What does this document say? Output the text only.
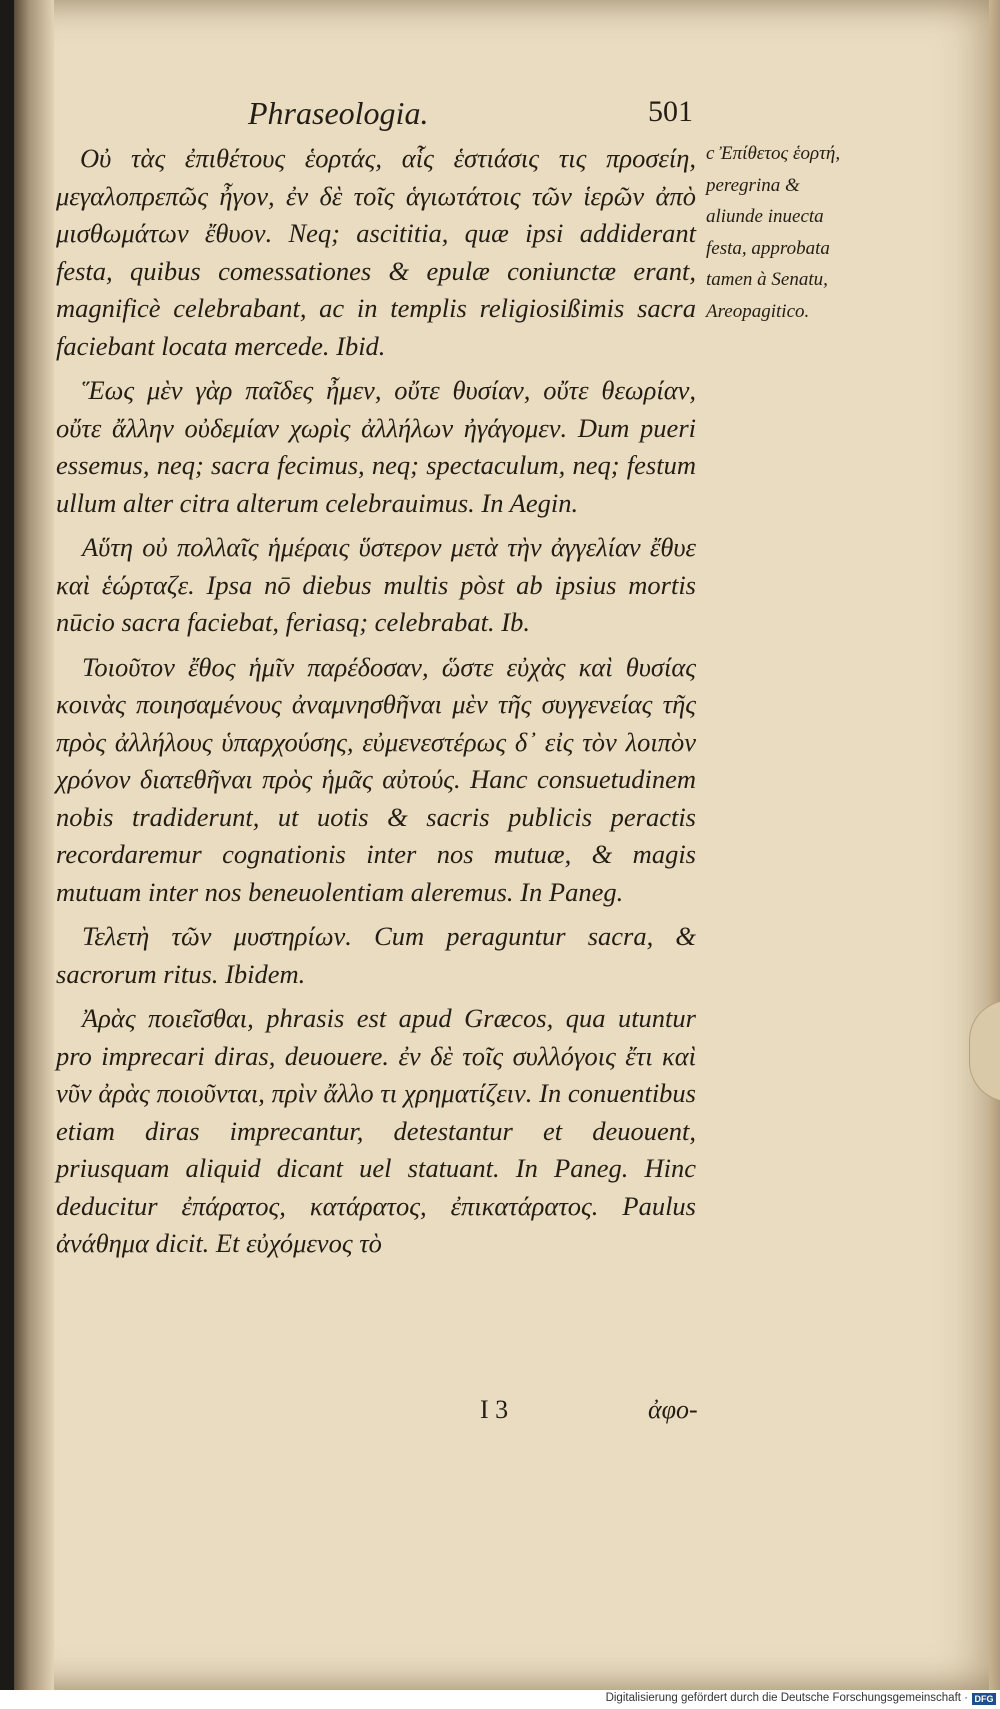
Phraseologia.	501

Οὐ τὰς ἐπιθέτους ἑορτάς, αἷς ἑστιάσις τις προσείη, μεγαλοπρεπῶς ἦγον, ἐν δὲ τοῖς ἁγιωτάτοις τῶν ἱερῶν ἀπὸ μισθωμάτων ἔθυον. Neq; ascititia, quæ ipsi addiderant festa, quibus comessationes & epulæ coniunctæ erant, magnificè celebrabant, ac in templis religiosißimis sacra faciebant locata mercede. Ibid.

Ἕως μὲν γὰρ παῖδες ἦμεν, οὔτε θυσίαν, οὔτε θεωρίαν, οὔτε ἄλλην οὐδεμίαν χωρὶς ἀλλήλων ἠγάγομεν. Dum pueri essemus, neq; sacra fecimus, neq; spectaculum, neq; festum ullum alter citra alterum celebrauimus. In Aegin.

Αὕτη οὐ πολλαῖς ἡμέραις ὕστερον μετὰ τὴν ἀγγελίαν ἔθυε καὶ ἑώρταζε. Ipsa nō diebus multis pòst ab ipsius mortis nūcio sacra faciebat, feriasq; celebrabat. Ib.

Τοιοῦτον ἔθος ἡμῖν παρέδοσαν, ὥστε εὐχὰς καὶ θυσίας κοινὰς ποιησαμένους ἀναμνησθῆναι μὲν τῆς συγγενείας τῆς πρὸς ἀλλήλους ὑπαρχούσης, εὐμενεστέρως δ᾽ εἰς τὸν λοιπὸν χρόνον διατεθῆναι πρὸς ἡμᾶς αὐτούς. Hanc consuetudinem nobis tradiderunt, ut uotis & sacris publicis peractis recordaremur cognationis inter nos mutuæ, & magis mutuam inter nos beneuolentiam aleremus. In Paneg.

Τελετὴ τῶν μυστηρίων. Cum peraguntur sacra, & sacrorum ritus. Ibidem.

Ἀρὰς ποιεῖσθαι, phrasis est apud Græcos, qua utuntur pro imprecari diras, deuouere. ἐν δὲ τοῖς συλλόγοις ἔτι καὶ νῦν ἀρὰς ποιοῦνται, πρὶν ἄλλο τι χρηματίζειν. In conuentibus etiam diras imprecantur, detestantur et deuouent, priusquam aliquid dicant uel statuant. In Paneg. Hinc deducitur ἐπάρατος, κατάρατος, ἐπικατάρατος. Paulus ἀνάθημα dicit. Et εὐχόμενος τὸ

c Ἐπίθετος ἑορτή, peregrina & aliunde inuecta festa, approbata tamen à Senatu, Areopagitico.
I 3	ἀφο-
Digitalisierung gefördert durch die Deutsche Forschungsgemeinschaft · DFG
